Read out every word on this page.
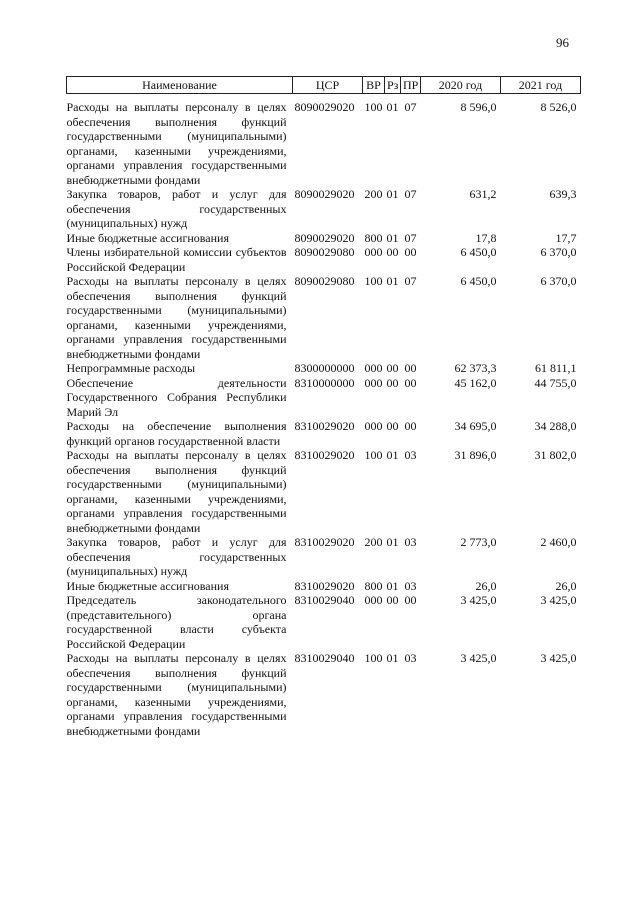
96
Наименование	ЦСР	ВР	Рз	ПР	2020 год	2021 год
Расходы на выплаты персоналу в целях обеспечения выполнения функций государственными (муниципальными) органами, казенными учреждениями, органами управления государственными внебюджетными фондами	8090029020	100	01	07	8 596,0	8 526,0
Закупка товаров, работ и услуг для обеспечения государственных (муниципальных) нужд	8090029020	200	01	07	631,2	639,3
Иные бюджетные ассигнования	8090029020	800	01	07	17,8	17,7
Члены избирательной комиссии субъектов Российской Федерации	8090029080	000	00	00	6 450,0	6 370,0
Расходы на выплаты персоналу в целях обеспечения выполнения функций государственными (муниципальными) органами, казенными учреждениями, органами управления государственными внебюджетными фондами	8090029080	100	01	07	6 450,0	6 370,0
Непрограммные расходы	8300000000	000	00	00	62 373,3	61 811,1
Обеспечение деятельности Государственного Собрания Республики Марий Эл	8310000000	000	00	00	45 162,0	44 755,0
Расходы на обеспечение выполнения функций органов государственной власти	8310029020	000	00	00	34 695,0	34 288,0
Расходы на выплаты персоналу в целях обеспечения выполнения функций государственными (муниципальными) органами, казенными учреждениями, органами управления государственными внебюджетными фондами	8310029020	100	01	03	31 896,0	31 802,0
Закупка товаров, работ и услуг для обеспечения государственных (муниципальных) нужд	8310029020	200	01	03	2 773,0	2 460,0
Иные бюджетные ассигнования	8310029020	800	01	03	26,0	26,0
Председатель законодательного (представительного) органа государственной власти субъекта Российской Федерации	8310029040	000	00	00	3 425,0	3 425,0
Расходы на выплаты персоналу в целях обеспечения выполнения функций государственными (муниципальными) органами, казенными учреждениями, органами управления государственными внебюджетными фондами	8310029040	100	01	03	3 425,0	3 425,0
